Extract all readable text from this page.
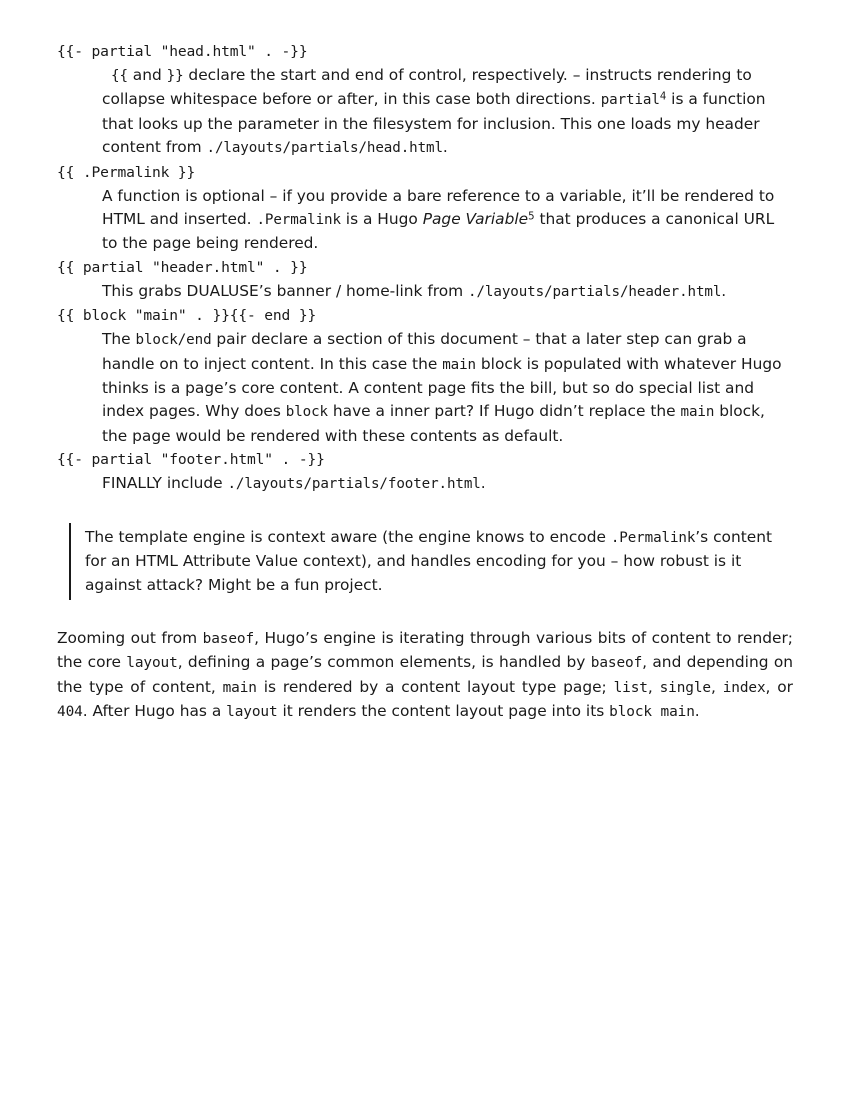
{{- partial "head.html" . -}}
{{ and }} declare the start and end of control, respectively. – instructs rendering to collapse whitespace before or after, in this case both directions. partial$^4$ is a function that looks up the parameter in the filesystem for inclusion. This one loads my header content from ./layouts/partials/head.html.
{{ .Permalink }}
A function is optional – if you provide a bare reference to a variable, it’ll be rendered to HTML and inserted. .Permalink is a Hugo Page Variable$^5$ that produces a canonical URL to the page being rendered.
{{ partial "header.html" . }}
This grabs DUALUSE’s banner / home-link from ./layouts/partials/header.html.
{{ block "main" . }}{{- end }}
The block/end pair declare a section of this document – that a later step can grab a handle on to inject content. In this case the main block is populated with whatever Hugo thinks is a page’s core content. A content page fits the bill, but so do special list and index pages. Why does block have a inner part? If Hugo didn’t replace the main block, the page would be rendered with these contents as default.
{{- partial "footer.html" . -}}
FINALLY include ./layouts/partials/footer.html.
The template engine is context aware (the engine knows to encode .Permalink’s content for an HTML Attribute Value context), and handles encoding for you – how robust is it against attack? Might be a fun project.

Zooming out from baseof, Hugo’s engine is iterating through various bits of content to render; the core layout, defining a page’s common elements, is handled by baseof, and depending on the type of content, main is rendered by a content layout type page; list, single, index, or 404. After Hugo has a layout it renders the content layout page into its block main.
